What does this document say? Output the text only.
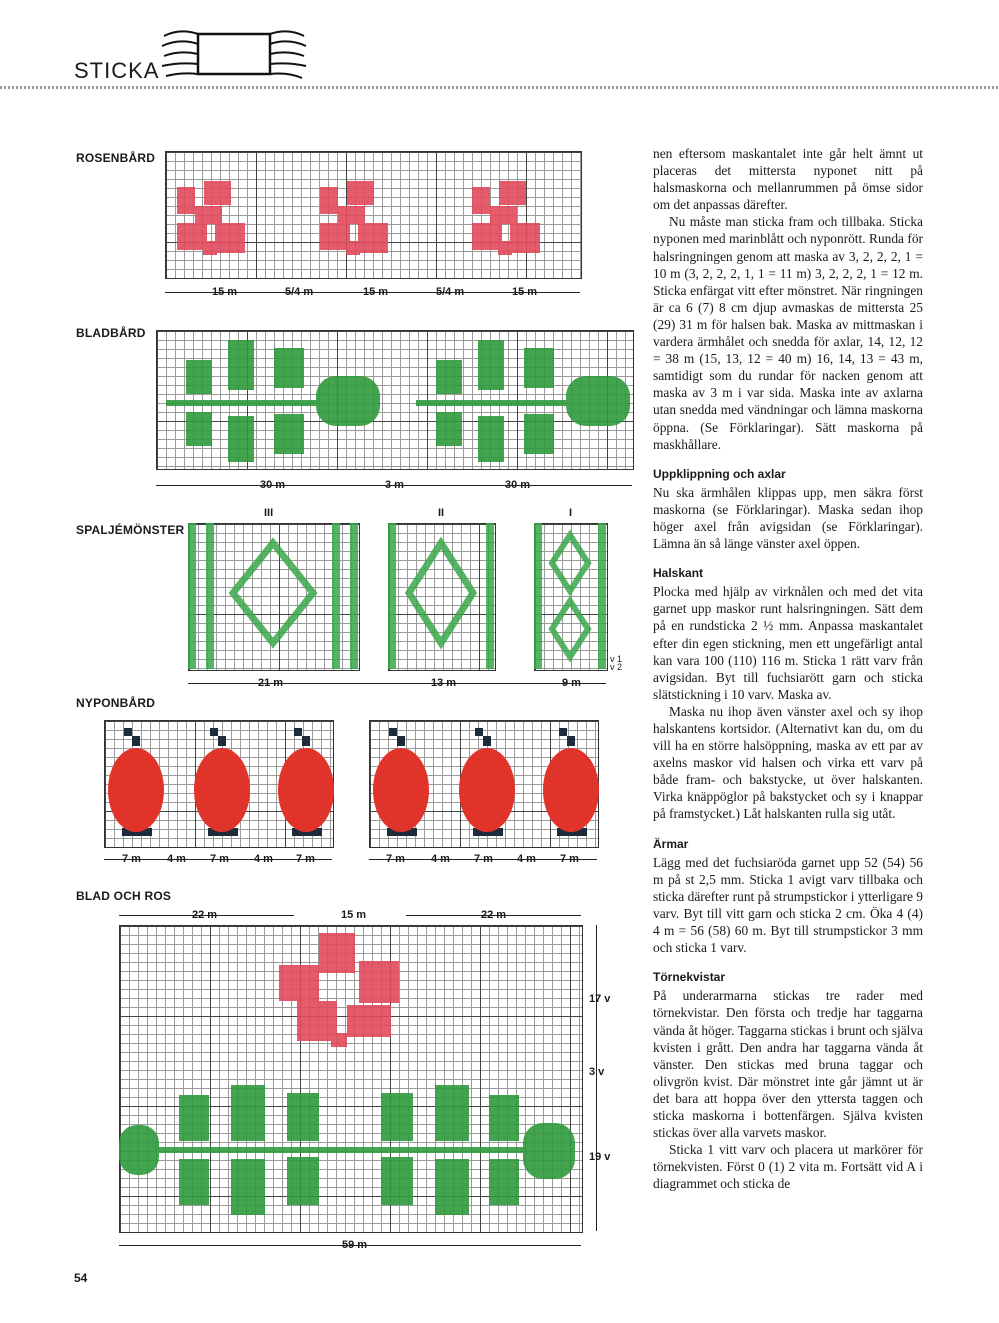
STICKA
ROSENBÅRD
15 m	5/4 m	15 m	5/4 m	15 m
BLADBÅRD
30 m	3 m	30 m
III	II	I
SPALJÉMÖNSTER
v 1
v 2
21 m	13 m	9 m
NYPONBÅRD
7 m 4 m 7 m 4 m 7 m	7 m 4 m 7 m 4 m 7 m
BLAD OCH ROS
22 m	15 m	22 m
17 v
3 v
19 v
59 m

nen eftersom maskantalet inte går helt ämnt ut placeras det mittersta nyponet nitt på halsmaskorna och mellanrummen på ömse sidor om det anpassas därefter.

Nu måste man sticka fram och tillbaka. Sticka nyponen med marinblått och nyponrött. Runda för halsringningen genom att maska av 3, 2, 2, 2, 1 = 10 m (3, 2, 2, 2, 1, 1 = 11 m) 3, 2, 2, 2, 1 = 12 m. Sticka enfärgat vitt efter mönstret. När ringningen är ca 6 (7) 8 cm djup avmaskas de mittersta 25 (29) 31 m för halsen bak. Maska av mittmaskan i vardera ärmhålet och snedda för axlar, 14, 12, 12 = 38 m (15, 13, 12 = 40 m) 16, 14, 13 = 43 m, samtidigt som du rundar för nacken genom att maska av 3 m i var sida. Maska inte av axlarna utan snedda med vändningar och lämna maskorna öppna. (Se Förklaringar). Sätt maskorna på maskhållare.

Uppklippning och axlar

Nu ska ärmhålen klippas upp, men säkra först maskorna (se Förklaringar). Maska sedan ihop höger axel från avigsidan (se Förklaringar). Lämna än så länge vänster axel öppen.

Halskant

Plocka med hjälp av virknålen och med det vita garnet upp maskor runt halsringningen. Sätt dem på en rundsticka 2 ½ mm. Anpassa maskantalet efter din egen stickning, men ett ungefärligt antal kan vara 100 (110) 116 m. Sticka 1 rätt varv från avigsidan. Byt till fuchsiarött garn och sticka slätstickning i 10 varv. Maska av.

Maska nu ihop även vänster axel och sy ihop halskantens kortsidor. (Alternativt kan du, om du vill ha en större halsöppning, maska av ett par av axelns maskor vid halsen och virka ett varv på både fram- och bakstycke, ut över halskanten. Virka knäppöglor på bakstycket och sy i knappar på framstycket.) Låt halskanten rulla sig utåt.

Ärmar

Lägg med det fuchsiaröda garnet upp 52 (54) 56 m på st 2,5 mm. Sticka 1 avigt varv tillbaka och sticka därefter runt på strumpstickor i ytterligare 9 varv. Byt till vitt garn och sticka 2 cm. Öka 4 (4) 4 m = 56 (58) 60 m. Byt till strumpstickor 3 mm och sticka 1 varv.

Törnekvistar

På underarmarna stickas tre rader med törnekvistar. Den första och tredje har taggarna vända åt höger. Taggarna stickas i brunt och själva kvisten i grått. Den andra har taggarna vända åt vänster. Den stickas med bruna taggar och olivgrön kvist. Där mönstret inte går jämnt ut är det bara att hoppa över den yttersta taggen och sticka maskorna i bottenfärgen. Själva kvisten stickas över alla varvets maskor.

Sticka 1 vitt varv och placera ut markörer för törnekvisten. Först 0 (1) 2 vita m. Fortsätt vid A i diagrammet och sticka de

54
